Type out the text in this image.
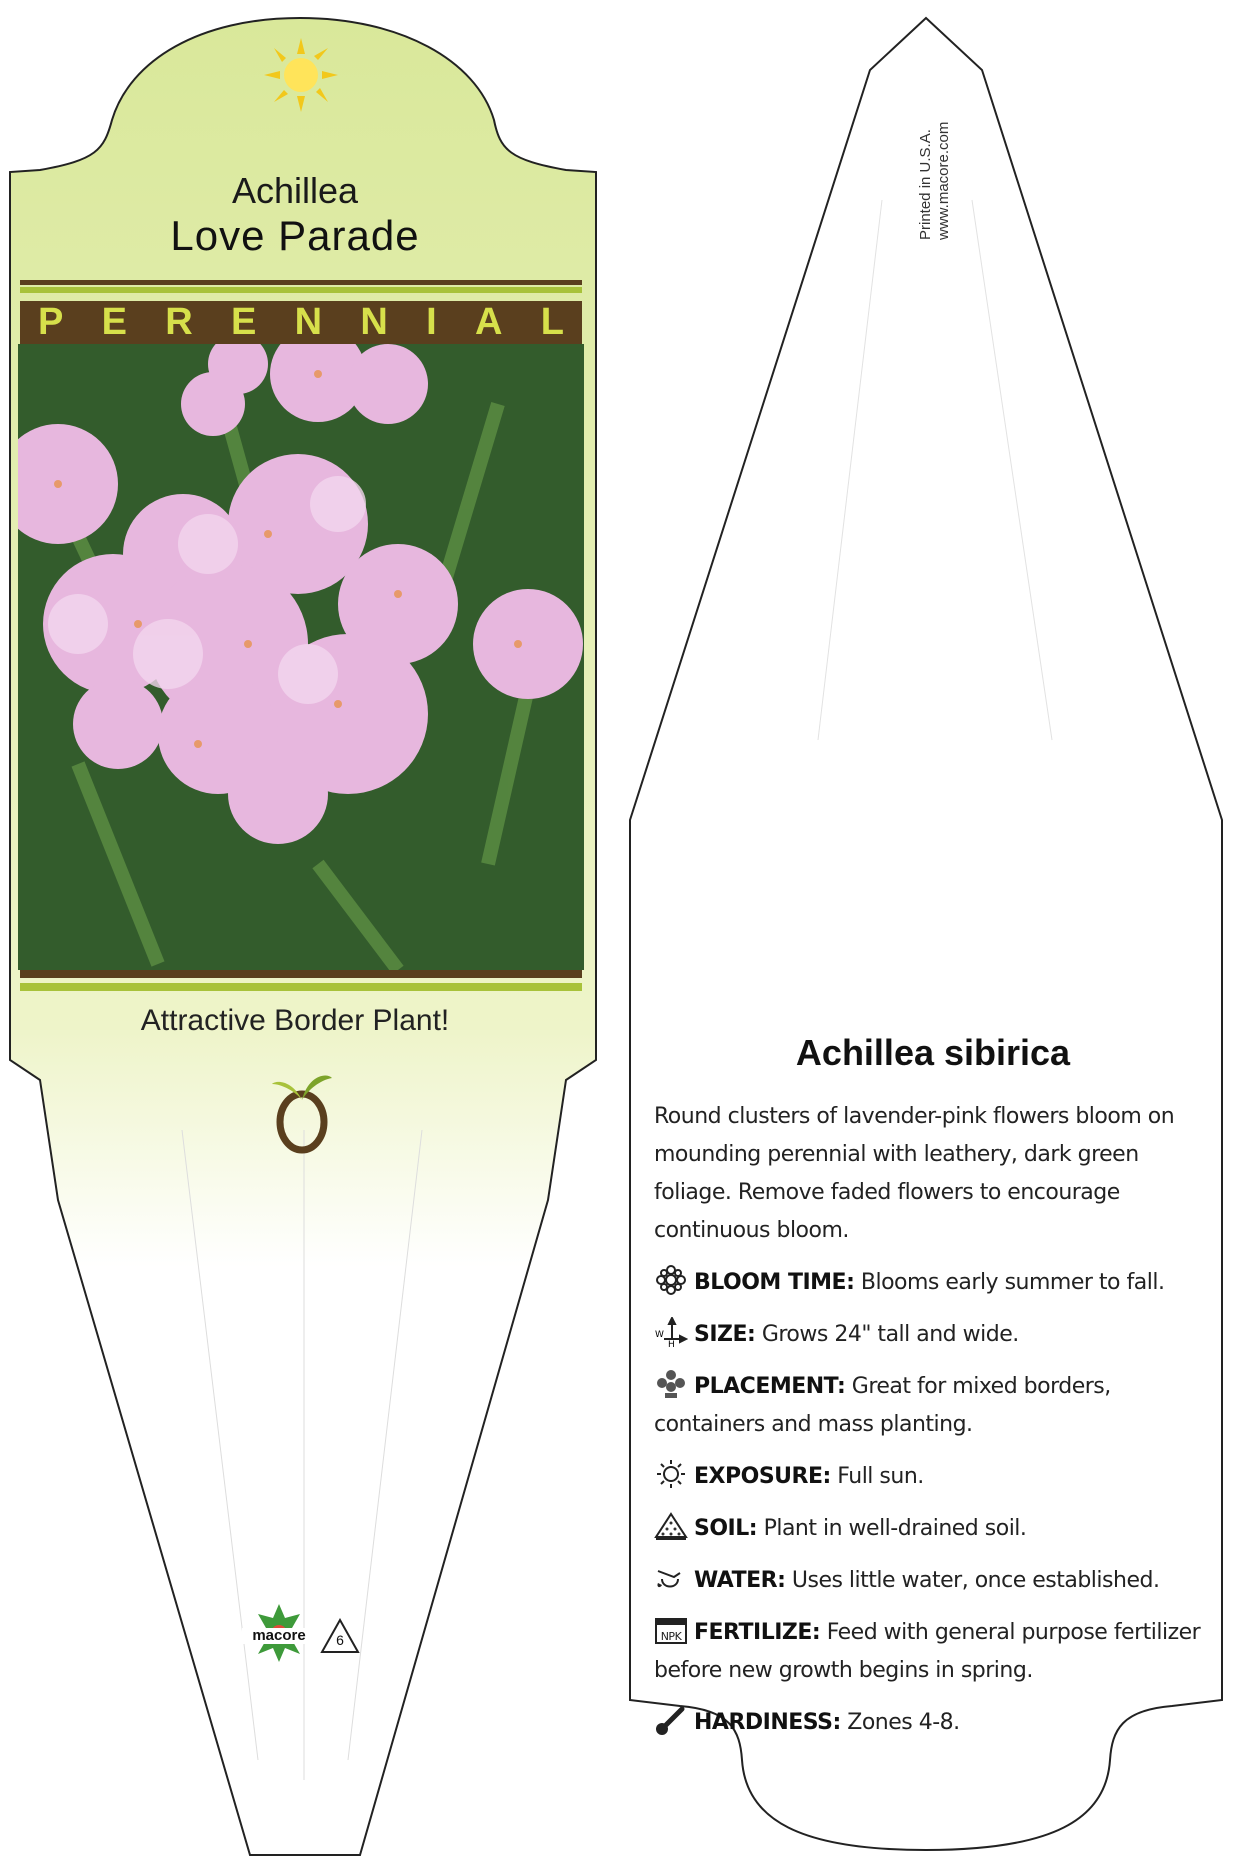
Achillea
Love Parade
P E R E N N I A L
Attractive Border Plant!
macore	6
Printed in U.S.A. www.macore.com
Achillea sibirica

Round clusters of lavender-pink flowers bloom on mounding perennial with leathery, dark green foliage. Remove faded flowers to encourage continuous bloom.

BLOOM TIME: Blooms early summer to fall.

W
H SIZE: Grows 24" tall and wide.

PLACEMENT: Great for mixed borders, containers and mass planting.

EXPOSURE: Full sun.

SOIL: Plant in well-drained soil.

WATER: Uses little water, once established.

NPK FERTILIZE: Feed with general purpose fertilizer before new growth begins in spring.

HARDINESS: Zones 4-8.
